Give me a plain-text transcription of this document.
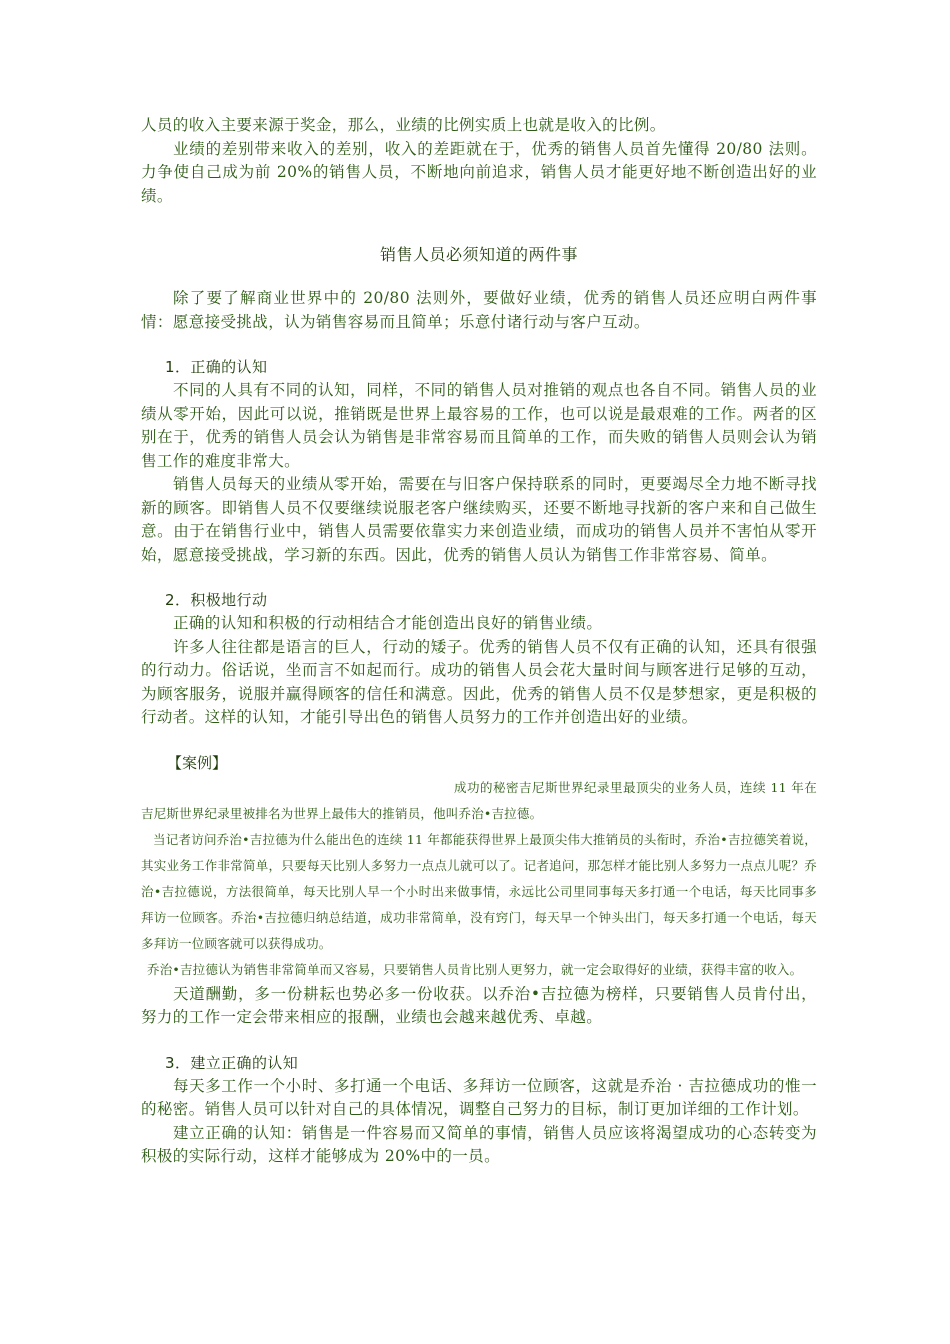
人员的收入主要来源于奖金，那么，业绩的比例实质上也就是收入的比例。

业绩的差别带来收入的差别，收入的差距就在于，优秀的销售人员首先懂得 20/80 法则。力争使自己成为前 20%的销售人员，不断地向前追求，销售人员才能更好地不断创造出好的业绩。

销售人员必须知道的两件事

除了要了解商业世界中的 20/80 法则外，要做好业绩，优秀的销售人员还应明白两件事情：愿意接受挑战，认为销售容易而且简单；乐意付诸行动与客户互动。

1．正确的认知

不同的人具有不同的认知，同样，不同的销售人员对推销的观点也各自不同。销售人员的业绩从零开始，因此可以说，推销既是世界上最容易的工作，也可以说是最艰难的工作。两者的区别在于，优秀的销售人员会认为销售是非常容易而且简单的工作，而失败的销售人员则会认为销售工作的难度非常大。

销售人员每天的业绩从零开始，需要在与旧客户保持联系的同时，更要竭尽全力地不断寻找新的顾客。即销售人员不仅要继续说服老客户继续购买，还要不断地寻找新的客户来和自己做生意。由于在销售行业中，销售人员需要依靠实力来创造业绩，而成功的销售人员并不害怕从零开始，愿意接受挑战，学习新的东西。因此，优秀的销售人员认为销售工作非常容易、简单。

2．积极地行动

正确的认知和积极的行动相结合才能创造出良好的销售业绩。

许多人往往都是语言的巨人，行动的矮子。优秀的销售人员不仅有正确的认知，还具有很强的行动力。俗话说，坐而言不如起而行。成功的销售人员会花大量时间与顾客进行足够的互动，为顾客服务，说服并赢得顾客的信任和满意。因此，优秀的销售人员不仅是梦想家，更是积极的行动者。这样的认知，才能引导出色的销售人员努力的工作并创造出好的业绩。

【案例】

成功的秘密吉尼斯世界纪录里最顶尖的业务人员，连续 11 年在吉尼斯世界纪录里被排名为世界上最伟大的推销员，他叫乔治•吉拉德。

当记者访问乔治•吉拉德为什么能出色的连续 11 年都能获得世界上最顶尖伟大推销员的头衔时，乔治•吉拉德笑着说，其实业务工作非常简单，只要每天比别人多努力一点点儿就可以了。记者追问，那怎样才能比别人多努力一点点儿呢？乔治•吉拉德说，方法很简单，每天比别人早一个小时出来做事情，永远比公司里同事每天多打通一个电话，每天比同事多拜访一位顾客。乔治•吉拉德归纳总结道，成功非常简单，没有窍门，每天早一个钟头出门，每天多打通一个电话，每天多拜访一位顾客就可以获得成功。

乔治•吉拉德认为销售非常简单而又容易，只要销售人员肯比别人更努力，就一定会取得好的业绩，获得丰富的收入。

天道酬勤，多一份耕耘也势必多一份收获。以乔治•吉拉德为榜样，只要销售人员肯付出，努力的工作一定会带来相应的报酬，业绩也会越来越优秀、卓越。

3．建立正确的认知

每天多工作一个小时、多打通一个电话、多拜访一位顾客，这就是乔治 · 吉拉德成功的惟一的秘密。销售人员可以针对自己的具体情况，调整自己努力的目标，制订更加详细的工作计划。

建立正确的认知：销售是一件容易而又简单的事情，销售人员应该将渴望成功的心态转变为积极的实际行动，这样才能够成为 20%中的一员。
